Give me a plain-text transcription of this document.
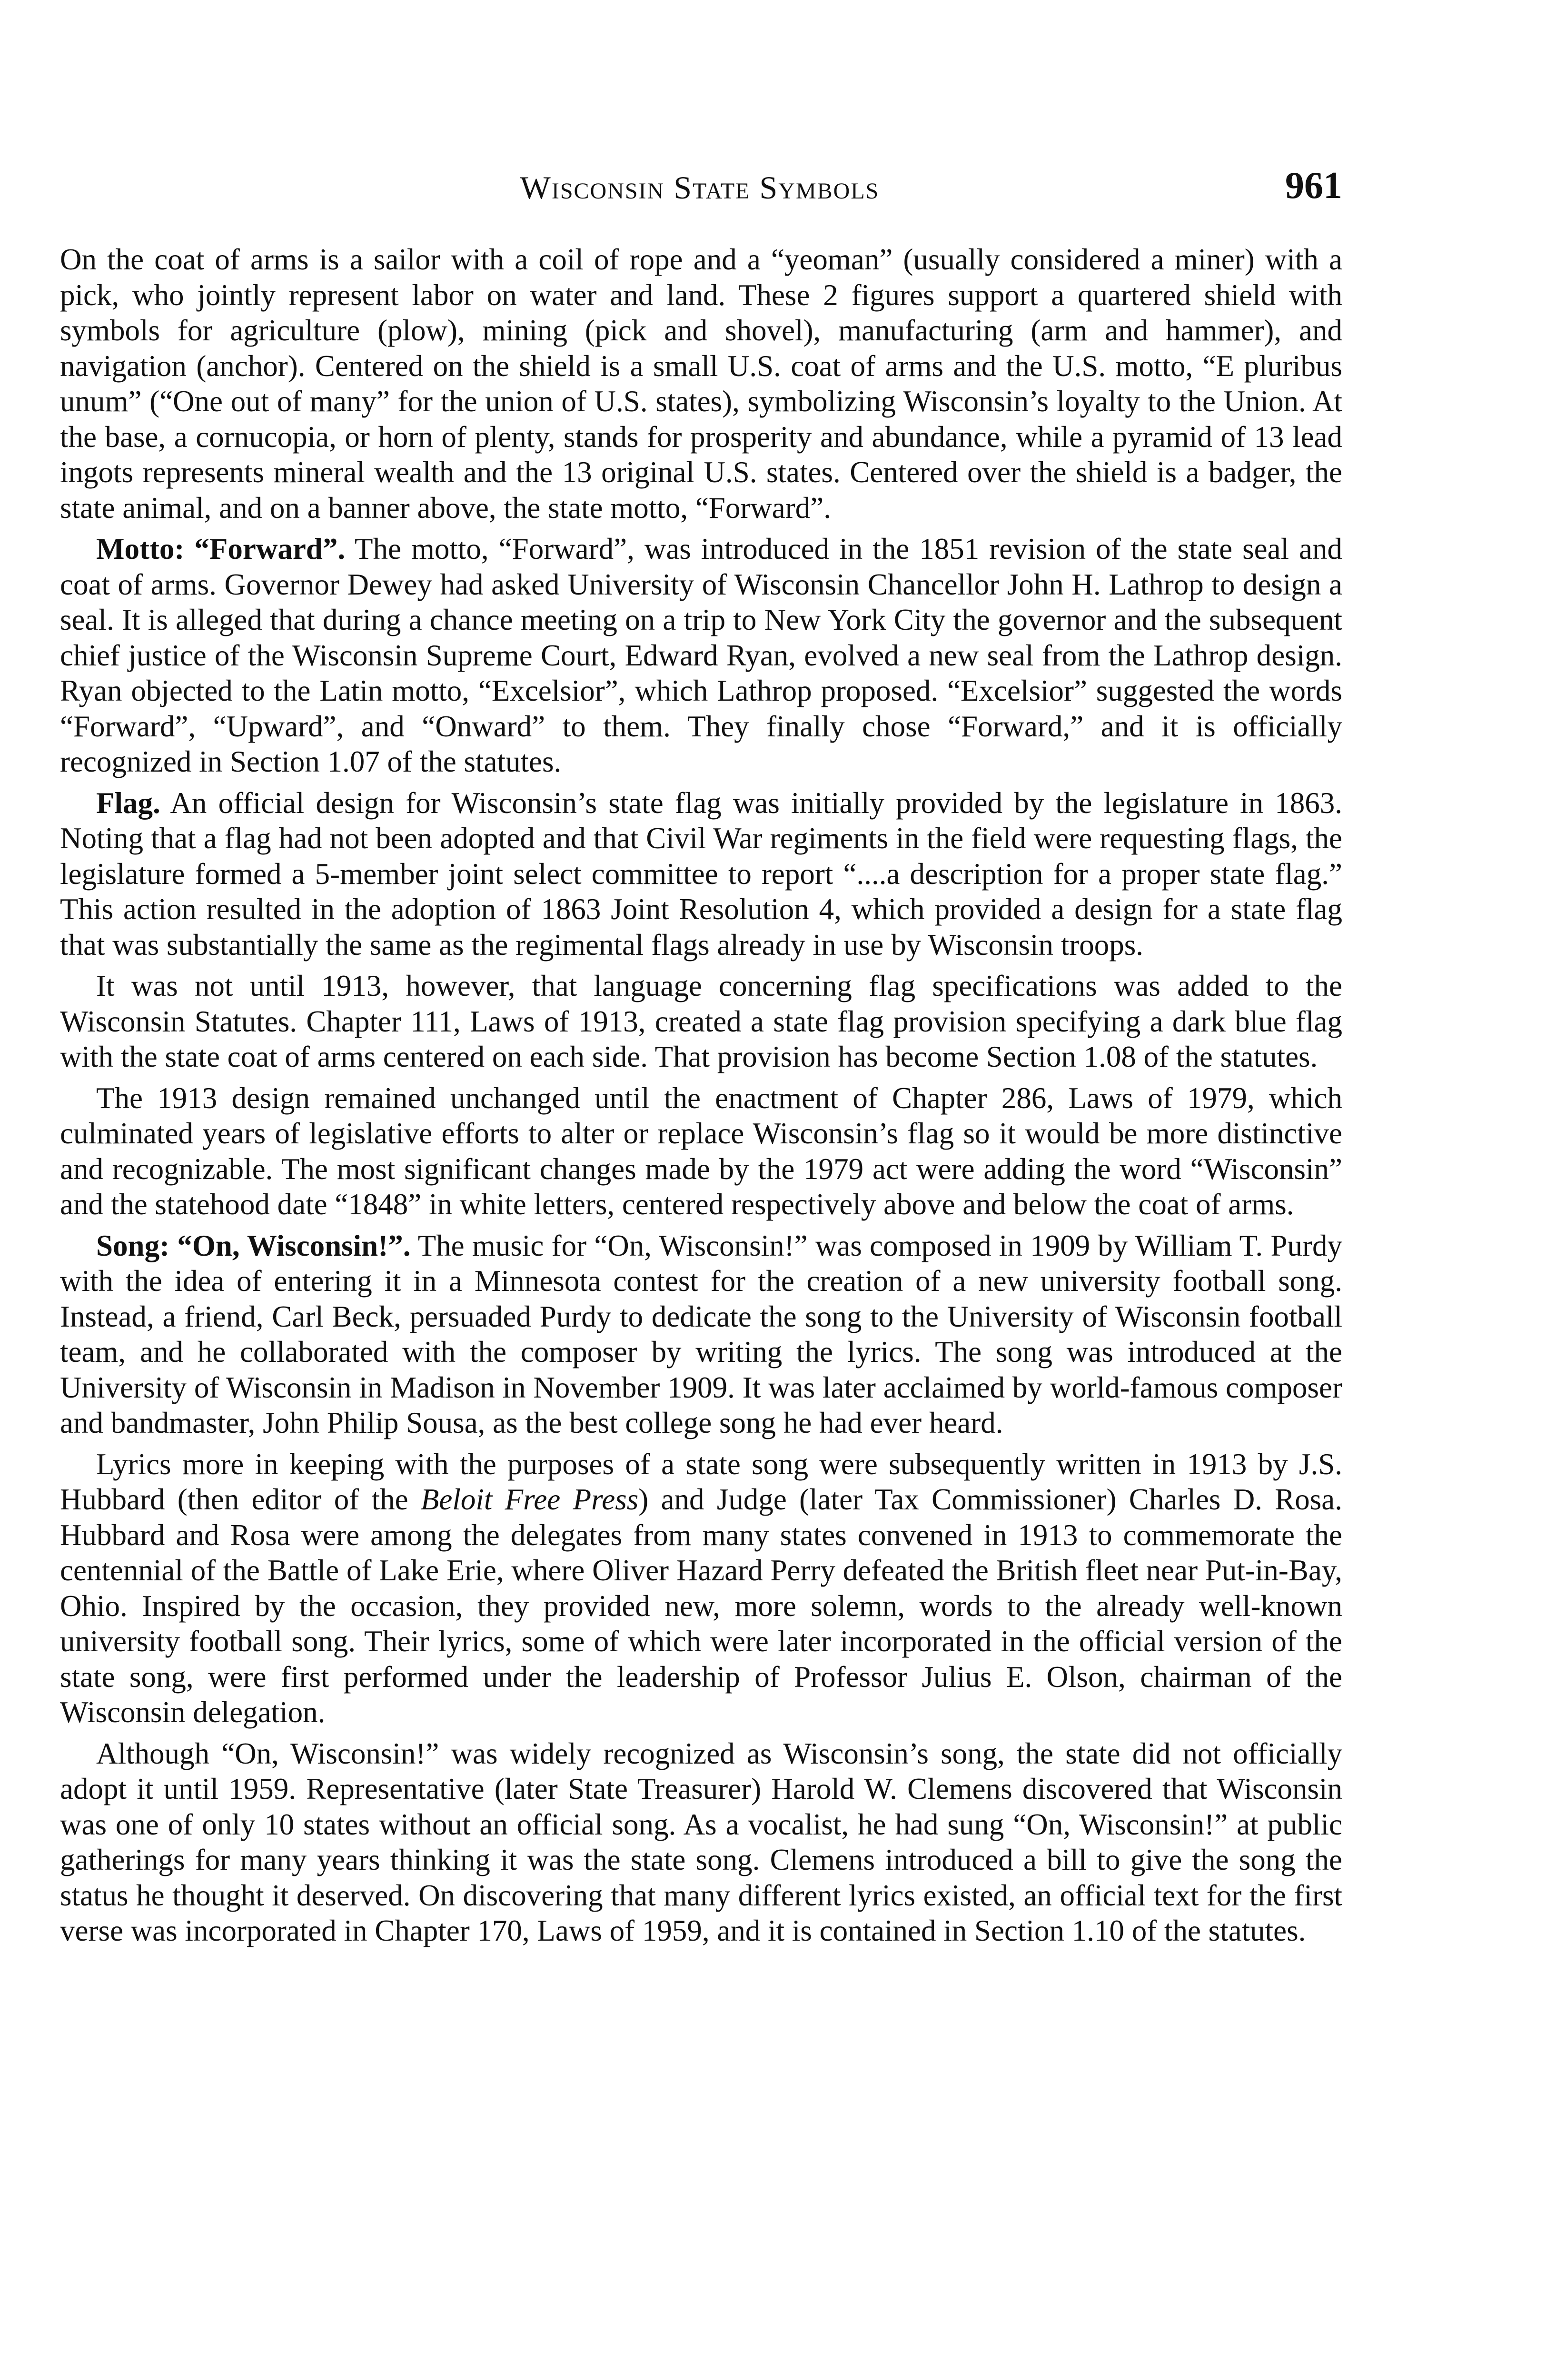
Wisconsin State Symbols	961

On the coat of arms is a sailor with a coil of rope and a “yeoman” (usually considered a miner) with a pick, who jointly represent labor on water and land. These 2 figures support a quartered shield with symbols for agriculture (plow), mining (pick and shovel), manufacturing (arm and hammer), and navigation (anchor). Centered on the shield is a small U.S. coat of arms and the U.S. motto, “E pluribus unum” (“One out of many” for the union of U.S. states), symbolizing Wisconsin’s loyalty to the Union. At the base, a cornucopia, or horn of plenty, stands for prosperity and abundance, while a pyramid of 13 lead ingots represents mineral wealth and the 13 original U.S. states. Centered over the shield is a badger, the state animal, and on a banner above, the state motto, “Forward”.

Motto: “Forward”. The motto, “Forward”, was introduced in the 1851 revision of the state seal and coat of arms. Governor Dewey had asked University of Wisconsin Chancellor John H. Lathrop to design a seal. It is alleged that during a chance meeting on a trip to New York City the governor and the subsequent chief justice of the Wisconsin Supreme Court, Edward Ryan, evolved a new seal from the Lathrop design. Ryan objected to the Latin motto, “Excelsior”, which Lathrop proposed. “Excelsior” suggested the words “Forward”, “Upward”, and “Onward” to them. They finally chose “Forward,” and it is officially recognized in Section 1.07 of the statutes.

Flag. An official design for Wisconsin’s state flag was initially provided by the legislature in 1863. Noting that a flag had not been adopted and that Civil War regiments in the field were requesting flags, the legislature formed a 5-member joint select committee to report “....a description for a proper state flag.” This action resulted in the adoption of 1863 Joint Resolution 4, which provided a design for a state flag that was substantially the same as the regimental flags already in use by Wisconsin troops.

It was not until 1913, however, that language concerning flag specifications was added to the Wisconsin Statutes. Chapter 111, Laws of 1913, created a state flag provision specifying a dark blue flag with the state coat of arms centered on each side. That provision has become Section 1.08 of the statutes.

The 1913 design remained unchanged until the enactment of Chapter 286, Laws of 1979, which culminated years of legislative efforts to alter or replace Wisconsin’s flag so it would be more distinctive and recognizable. The most significant changes made by the 1979 act were adding the word “Wisconsin” and the statehood date “1848” in white letters, centered respectively above and below the coat of arms.

Song: “On, Wisconsin!”. The music for “On, Wisconsin!” was composed in 1909 by William T. Purdy with the idea of entering it in a Minnesota contest for the creation of a new university football song. Instead, a friend, Carl Beck, persuaded Purdy to dedicate the song to the University of Wisconsin football team, and he collaborated with the composer by writing the lyrics. The song was introduced at the University of Wisconsin in Madison in November 1909. It was later acclaimed by world-famous composer and bandmaster, John Philip Sousa, as the best college song he had ever heard.

Lyrics more in keeping with the purposes of a state song were subsequently written in 1913 by J.S. Hubbard (then editor of the Beloit Free Press) and Judge (later Tax Commissioner) Charles D. Rosa. Hubbard and Rosa were among the delegates from many states convened in 1913 to commemorate the centennial of the Battle of Lake Erie, where Oliver Hazard Perry defeated the British fleet near Put-in-Bay, Ohio. Inspired by the occasion, they provided new, more solemn, words to the already well-known university football song. Their lyrics, some of which were later incorporated in the official version of the state song, were first performed under the leadership of Professor Julius E. Olson, chairman of the Wisconsin delegation.

Although “On, Wisconsin!” was widely recognized as Wisconsin’s song, the state did not officially adopt it until 1959. Representative (later State Treasurer) Harold W. Clemens discovered that Wisconsin was one of only 10 states without an official song. As a vocalist, he had sung “On, Wisconsin!” at public gatherings for many years thinking it was the state song. Clemens introduced a bill to give the song the status he thought it deserved. On discovering that many different lyrics existed, an official text for the first verse was incorporated in Chapter 170, Laws of 1959, and it is contained in Section 1.10 of the statutes.
